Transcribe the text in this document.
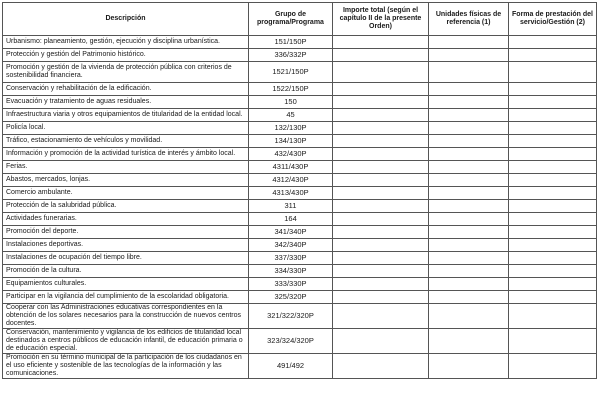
Descripción	Grupo de programa/Programa	Importe total (según el capítulo II de la presente Orden)	Unidades físicas de referencia (1)	Forma de prestación del servicio/Gestión (2)
Urbanismo: planeamiento, gestión, ejecución y disciplina urbanística.	151/150P			
Protección y gestión del Patrimonio histórico.	336/332P			
Promoción y gestión de la vivienda de protección pública con criterios de sostenibilidad financiera.	1521/150P			
Conservación y rehabilitación de la edificación.	1522/150P			
Evacuación y tratamiento de aguas residuales.	150			
Infraestructura viaria y otros equipamientos de titularidad de la entidad local.	45			
Policía local.	132/130P			
Tráfico, estacionamiento de vehículos y movilidad.	134/130P			
Información y promoción de la actividad turística de interés y ámbito local.	432/430P			
Ferias.	4311/430P			
Abastos, mercados, lonjas.	4312/430P			
Comercio ambulante.	4313/430P			
Protección de la salubridad pública.	311			
Actividades funerarias.	164			
Promoción del deporte.	341/340P			
Instalaciones deportivas.	342/340P			
Instalaciones de ocupación del tiempo libre.	337/330P			
Promoción de la cultura.	334/330P			
Equipamientos culturales.	333/330P			
Participar en la vigilancia del cumplimiento de la escolaridad obligatoria.	325/320P			
Cooperar con las Administraciones educativas correspondientes en la obtención de los solares necesarios para la construcción de nuevos centros docentes.	321/322/320P			
Conservación, mantenimiento y vigilancia de los edificios de titularidad local destinados a centros públicos de educación infantil, de educación primaria o de educación especial.	323/324/320P			
Promoción en su término municipal de la participación de los ciudadanos en el uso eficiente y sostenible de las tecnologías de la información y las comunicaciones.	491/492			
